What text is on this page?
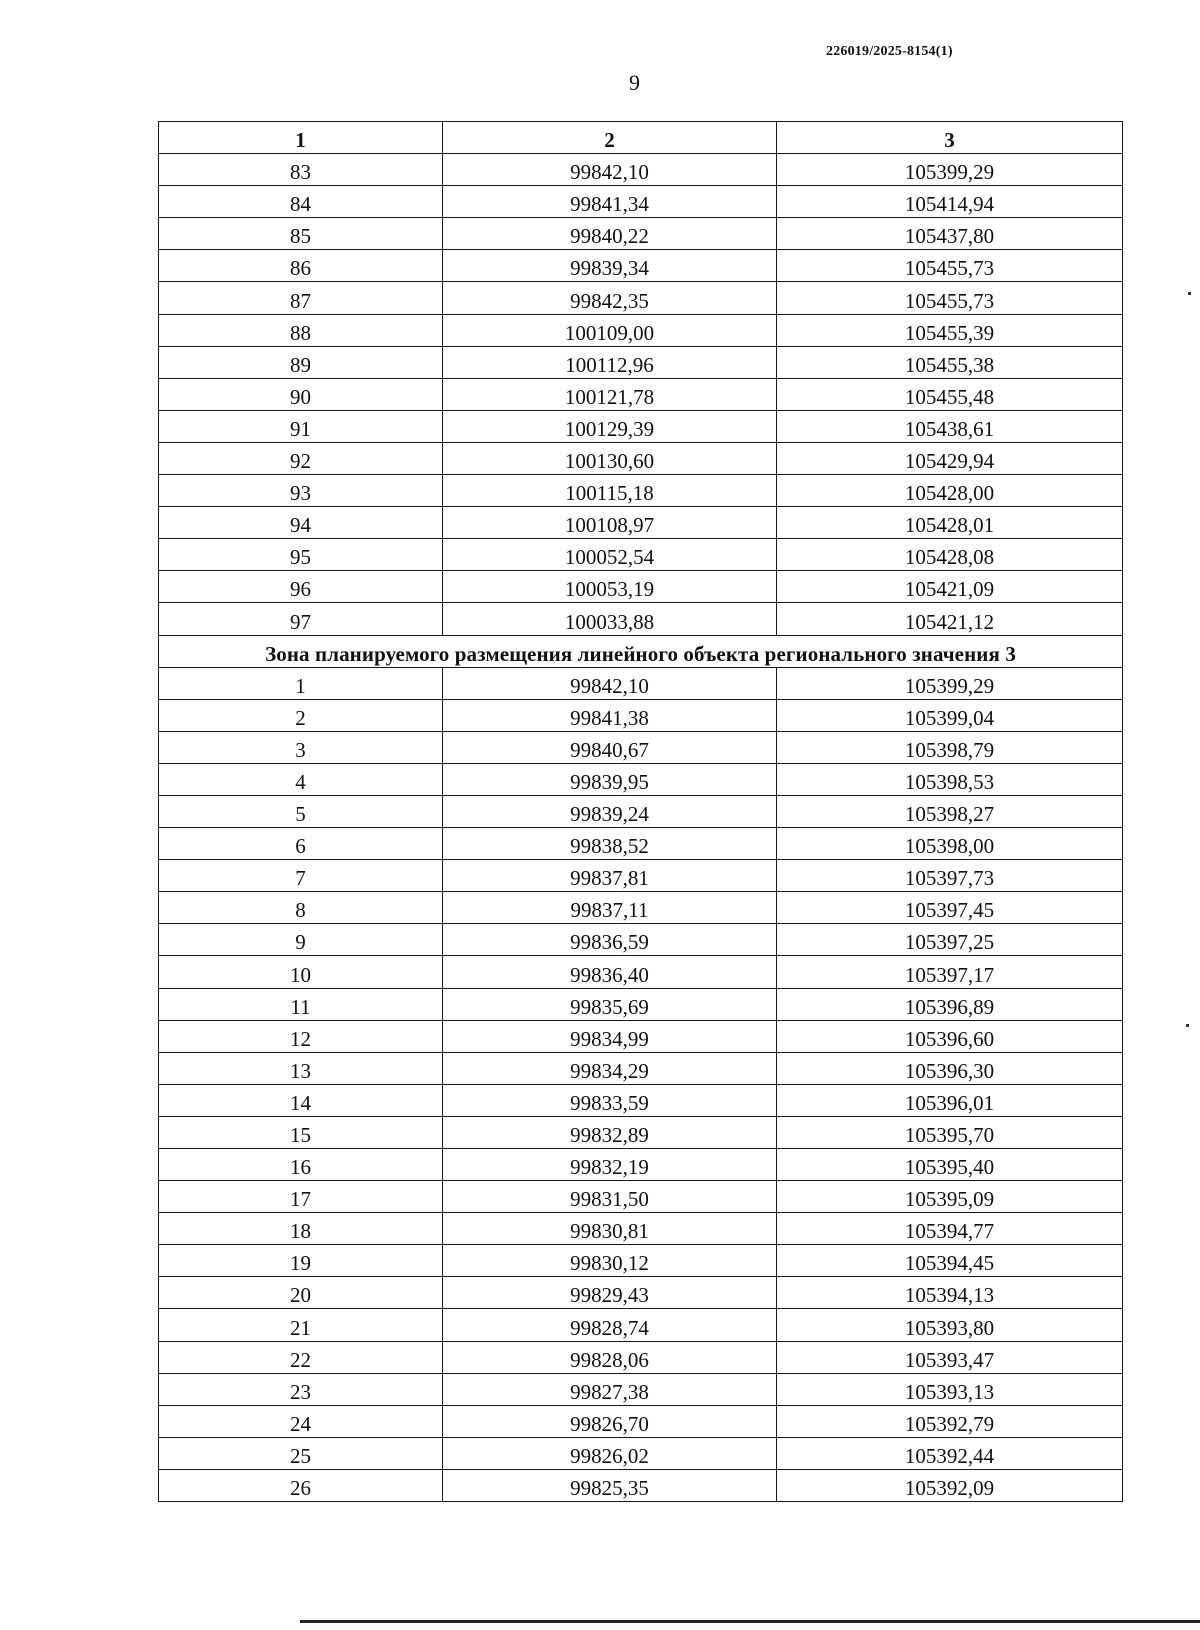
226019/2025-8154(1)
9
1	2	3
83	99842,10	105399,29
84	99841,34	105414,94
85	99840,22	105437,80
86	99839,34	105455,73
87	99842,35	105455,73
88	100109,00	105455,39
89	100112,96	105455,38
90	100121,78	105455,48
91	100129,39	105438,61
92	100130,60	105429,94
93	100115,18	105428,00
94	100108,97	105428,01
95	100052,54	105428,08
96	100053,19	105421,09
97	100033,88	105421,12
Зона планируемого размещения линейного объекта регионального значения 3		
1	99842,10	105399,29
2	99841,38	105399,04
3	99840,67	105398,79
4	99839,95	105398,53
5	99839,24	105398,27
6	99838,52	105398,00
7	99837,81	105397,73
8	99837,11	105397,45
9	99836,59	105397,25
10	99836,40	105397,17
11	99835,69	105396,89
12	99834,99	105396,60
13	99834,29	105396,30
14	99833,59	105396,01
15	99832,89	105395,70
16	99832,19	105395,40
17	99831,50	105395,09
18	99830,81	105394,77
19	99830,12	105394,45
20	99829,43	105394,13
21	99828,74	105393,80
22	99828,06	105393,47
23	99827,38	105393,13
24	99826,70	105392,79
25	99826,02	105392,44
26	99825,35	105392,09
